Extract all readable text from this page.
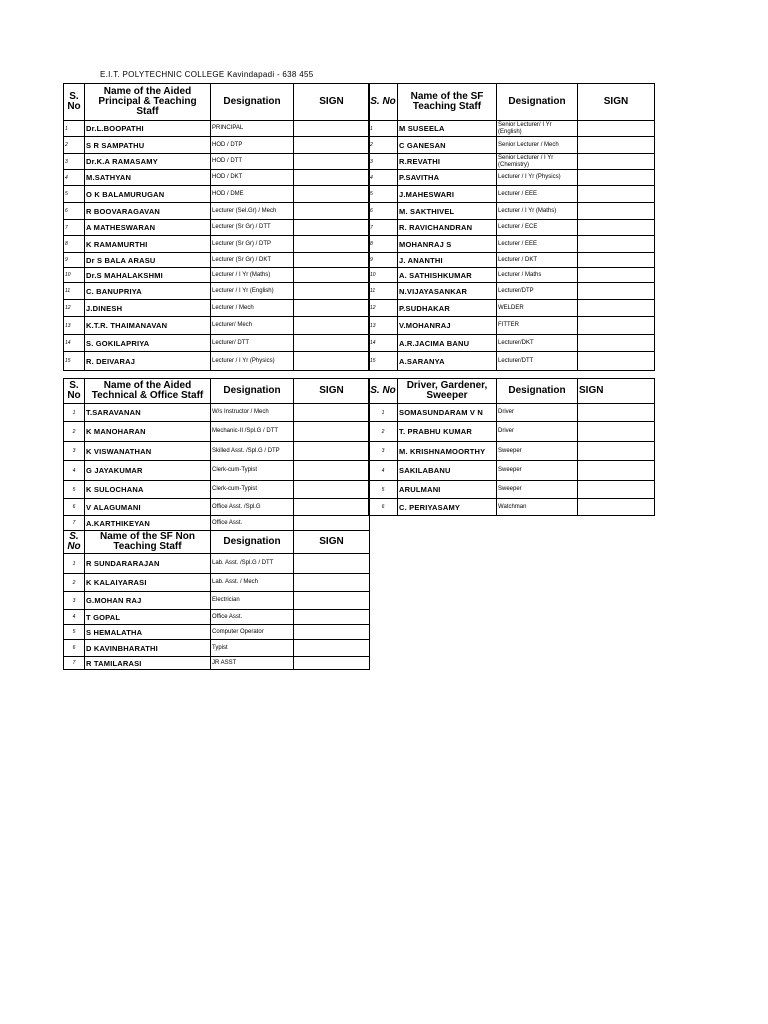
E.I.T. POLYTECHNIC COLLEGE Kavindapadi - 638 455
S. No	Name of the Aided Principal & Teaching Staff	Designation	SIGN
1	Dr.L.BOOPATHI	PRINCIPAL	
2	S R SAMPATHU	HOD / DTP	
3	Dr.K.A RAMASAMY	HOD / DTT	
4	M.SATHYAN	HOD / DKT	
5	O K BALAMURUGAN	HOD / DME	
6	R BOOVARAGAVAN	Lecturer (Sel.Gr) / Mech	
7	A MATHESWARAN	Lecturer (Sr Gr) / DTT	
8	K RAMAMURTHI	Lecturer (Sr Gr) / DTP	
9	Dr S BALA ARASU	Lecturer (Sr Gr) / DKT	
10	Dr.S MAHALAKSHMI	Lecturer / I Yr (Maths)	
11	C. BANUPRIYA	Lecturer / I Yr (English)	
12	J.DINESH	Lecturer / Mech	
13	K.T.R. THAIMANAVAN	Lecturer/ Mech	
14	S. GOKILAPRIYA	Lecturer/ DTT	
15	R. DEIVARAJ	Lecturer / I Yr (Physics)	
S. No	Name of the SF Teaching Staff	Designation	SIGN
1	M SUSEELA	Senior Lecturer/ I Yr (English)	
2	C GANESAN	Senior Lecturer / Mech	
3	R.REVATHI	Senior Lecturer / I Yr (Chemistry)	
4	P.SAVITHA	Lecturer / I Yr (Physics)	
5	J.MAHESWARI	Lecturer / EEE	
6	M. SAKTHIVEL	Lecturer / I Yr (Maths)	
7	R. RAVICHANDRAN	Lecturer / ECE	
8	MOHANRAJ S	Lecturer / EEE	
9	J. ANANTHI	Lecturer / DKT	
10	A. SATHISHKUMAR	Lecturer / Maths	
11	N.VIJAYASANKAR	Lecturer/DTP	
12	P.SUDHAKAR	WELDER	
13	V.MOHANRAJ	FITTER	
14	A.R.JACIMA BANU	Lecturer/DKT	
15	A.SARANYA	Lecturer/DTT	
S. No	Name of the Aided Technical & Office Staff	Designation	SIGN
1	T.SARAVANAN	W/s Instructor / Mech	
2	K MANOHARAN	Mechanic-II /Spl.G / DTT	
3	K VISWANATHAN	Skilled Asst. /Spl.G / DTP	
4	G JAYAKUMAR	Clerk-cum-Typist	
5	K SULOCHANA	Clerk-cum-Typist	
6	V ALAGUMANI	Office Asst. /Spl.G	
7	A.KARTHIKEYAN	Office Asst.	
S. No	Driver, Gardener, Sweeper	Designation	SIGN
1	SOMASUNDARAM V N	Driver	
2	T. PRABHU KUMAR	Driver	
3	M. KRISHNAMOORTHY	Sweeper	
4	SAKILABANU	Sweeper	
5	ARULMANI	Sweeper	
6	C. PERIYASAMY	Watchman	
S. No	Name of the SF Non Teaching Staff	Designation	SIGN
1	R SUNDARARAJAN	Lab. Asst. /Spl.G / DTT	
2	K KALAIYARASI	Lab. Asst. / Mech	
3	G.MOHAN RAJ	Electrician	
4	T GOPAL	Office Asst.	
5	S HEMALATHA	Computer Operator	
6	D KAVINBHARATHI	Typist	
7	R TAMILARASI	JR ASST	
